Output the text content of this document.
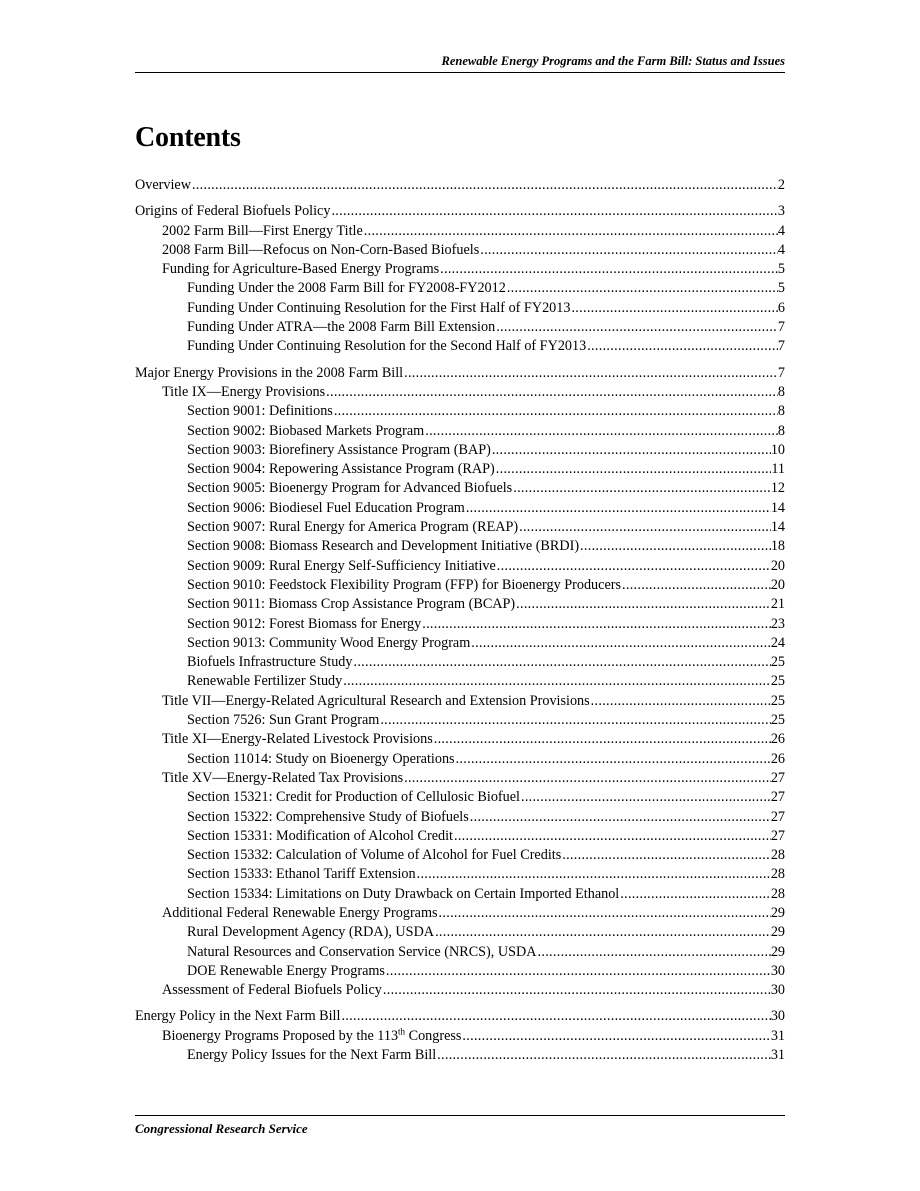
Renewable Energy Programs and the Farm Bill: Status and Issues
Contents
Overview .....	2
Origins of Federal Biofuels Policy .....	3
2002 Farm Bill—First Energy Title .....	4
2008 Farm Bill—Refocus on Non-Corn-Based Biofuels .....	4
Funding for Agriculture-Based Energy Programs .....	5
Funding Under the 2008 Farm Bill for FY2008-FY2012 .....	5
Funding Under Continuing Resolution for the First Half of FY2013 .....	6
Funding Under ATRA—the 2008 Farm Bill Extension .....	7
Funding Under Continuing Resolution for the Second Half of FY2013 .....	7
Major Energy Provisions in the 2008 Farm Bill .....	7
Title IX—Energy Provisions .....	8
Section 9001: Definitions .....	8
Section 9002: Biobased Markets Program .....	8
Section 9003: Biorefinery Assistance Program (BAP) .....	10
Section 9004: Repowering Assistance Program (RAP) .....	11
Section 9005: Bioenergy Program for Advanced Biofuels .....	12
Section 9006: Biodiesel Fuel Education Program .....	14
Section 9007: Rural Energy for America Program (REAP) .....	14
Section 9008: Biomass Research and Development Initiative (BRDI) .....	18
Section 9009: Rural Energy Self-Sufficiency Initiative .....	20
Section 9010: Feedstock Flexibility Program (FFP) for Bioenergy Producers .....	20
Section 9011: Biomass Crop Assistance Program (BCAP) .....	21
Section 9012: Forest Biomass for Energy .....	23
Section 9013: Community Wood Energy Program .....	24
Biofuels Infrastructure Study .....	25
Renewable Fertilizer Study .....	25
Title VII—Energy-Related Agricultural Research and Extension Provisions .....	25
Section 7526: Sun Grant Program .....	25
Title XI—Energy-Related Livestock Provisions .....	26
Section 11014: Study on Bioenergy Operations .....	26
Title XV—Energy-Related Tax Provisions .....	27
Section 15321: Credit for Production of Cellulosic Biofuel .....	27
Section 15322: Comprehensive Study of Biofuels .....	27
Section 15331: Modification of Alcohol Credit .....	27
Section 15332: Calculation of Volume of Alcohol for Fuel Credits .....	28
Section 15333: Ethanol Tariff Extension .....	28
Section 15334: Limitations on Duty Drawback on Certain Imported Ethanol .....	28
Additional Federal Renewable Energy Programs .....	29
Rural Development Agency (RDA), USDA .....	29
Natural Resources and Conservation Service (NRCS), USDA .....	29
DOE Renewable Energy Programs .....	30
Assessment of Federal Biofuels Policy .....	30
Energy Policy in the Next Farm Bill .....	30
Bioenergy Programs Proposed by the 113th Congress .....	31
Energy Policy Issues for the Next Farm Bill .....	31
Congressional Research Service
